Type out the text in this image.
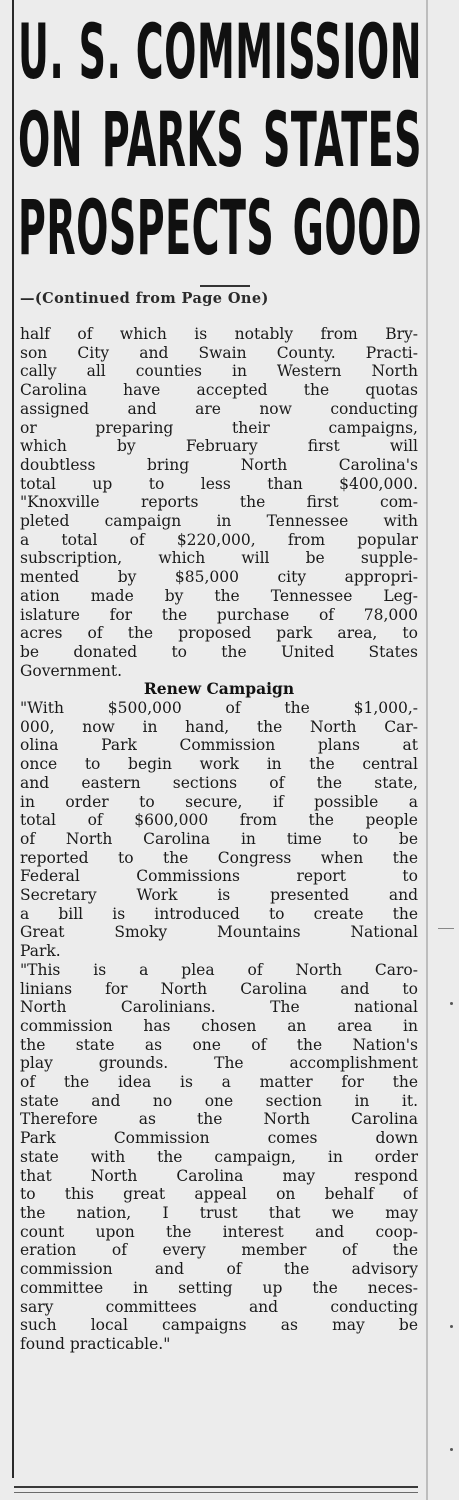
U. S. COMMISSION
ON PARKS STATES
PROSPECTS GOOD
—(Continued from Page One)
half of which is notably from Bry-
son City and Swain County. Practi-
cally all counties in Western North
Carolina have accepted the quotas
assigned and are now conducting
or preparing their campaigns,
which by February first will
doubtless bring North Carolina's
total up to less than $400,000.
"Knoxville reports the first com-
pleted campaign in Tennessee with
a total of $220,000, from popular
subscription, which will be supple-
mented by $85,000 city appropri-
ation made by the Tennessee Leg-
islature for the purchase of 78,000
acres of the proposed park area, to
be donated to the United States
Government.
Renew Campaign
"With $500,000 of the $1,000,-
000, now in hand, the North Car-
olina Park Commission plans at
once to begin work in the central
and eastern sections of the state,
in order to secure, if possible a
total of $600,000 from the people
of North Carolina in time to be
reported to the Congress when the
Federal Commissions report to
Secretary Work is presented and
a bill is introduced to create the
Great Smoky Mountains National
Park.
"This is a plea of North Caro-
linians for North Carolina and to
North Carolinians. The national
commission has chosen an area in
the state as one of the Nation's
play grounds. The accomplishment
of the idea is a matter for the
state and no one section in it.
Therefore as the North Carolina
Park Commission comes down
state with the campaign, in order
that North Carolina may respond
to this great appeal on behalf of
the nation, I trust that we may
count upon the interest and coop-
eration of every member of the
commission and of the advisory
committee in setting up the neces-
sary committees and conducting
such local campaigns as may be
found practicable."
